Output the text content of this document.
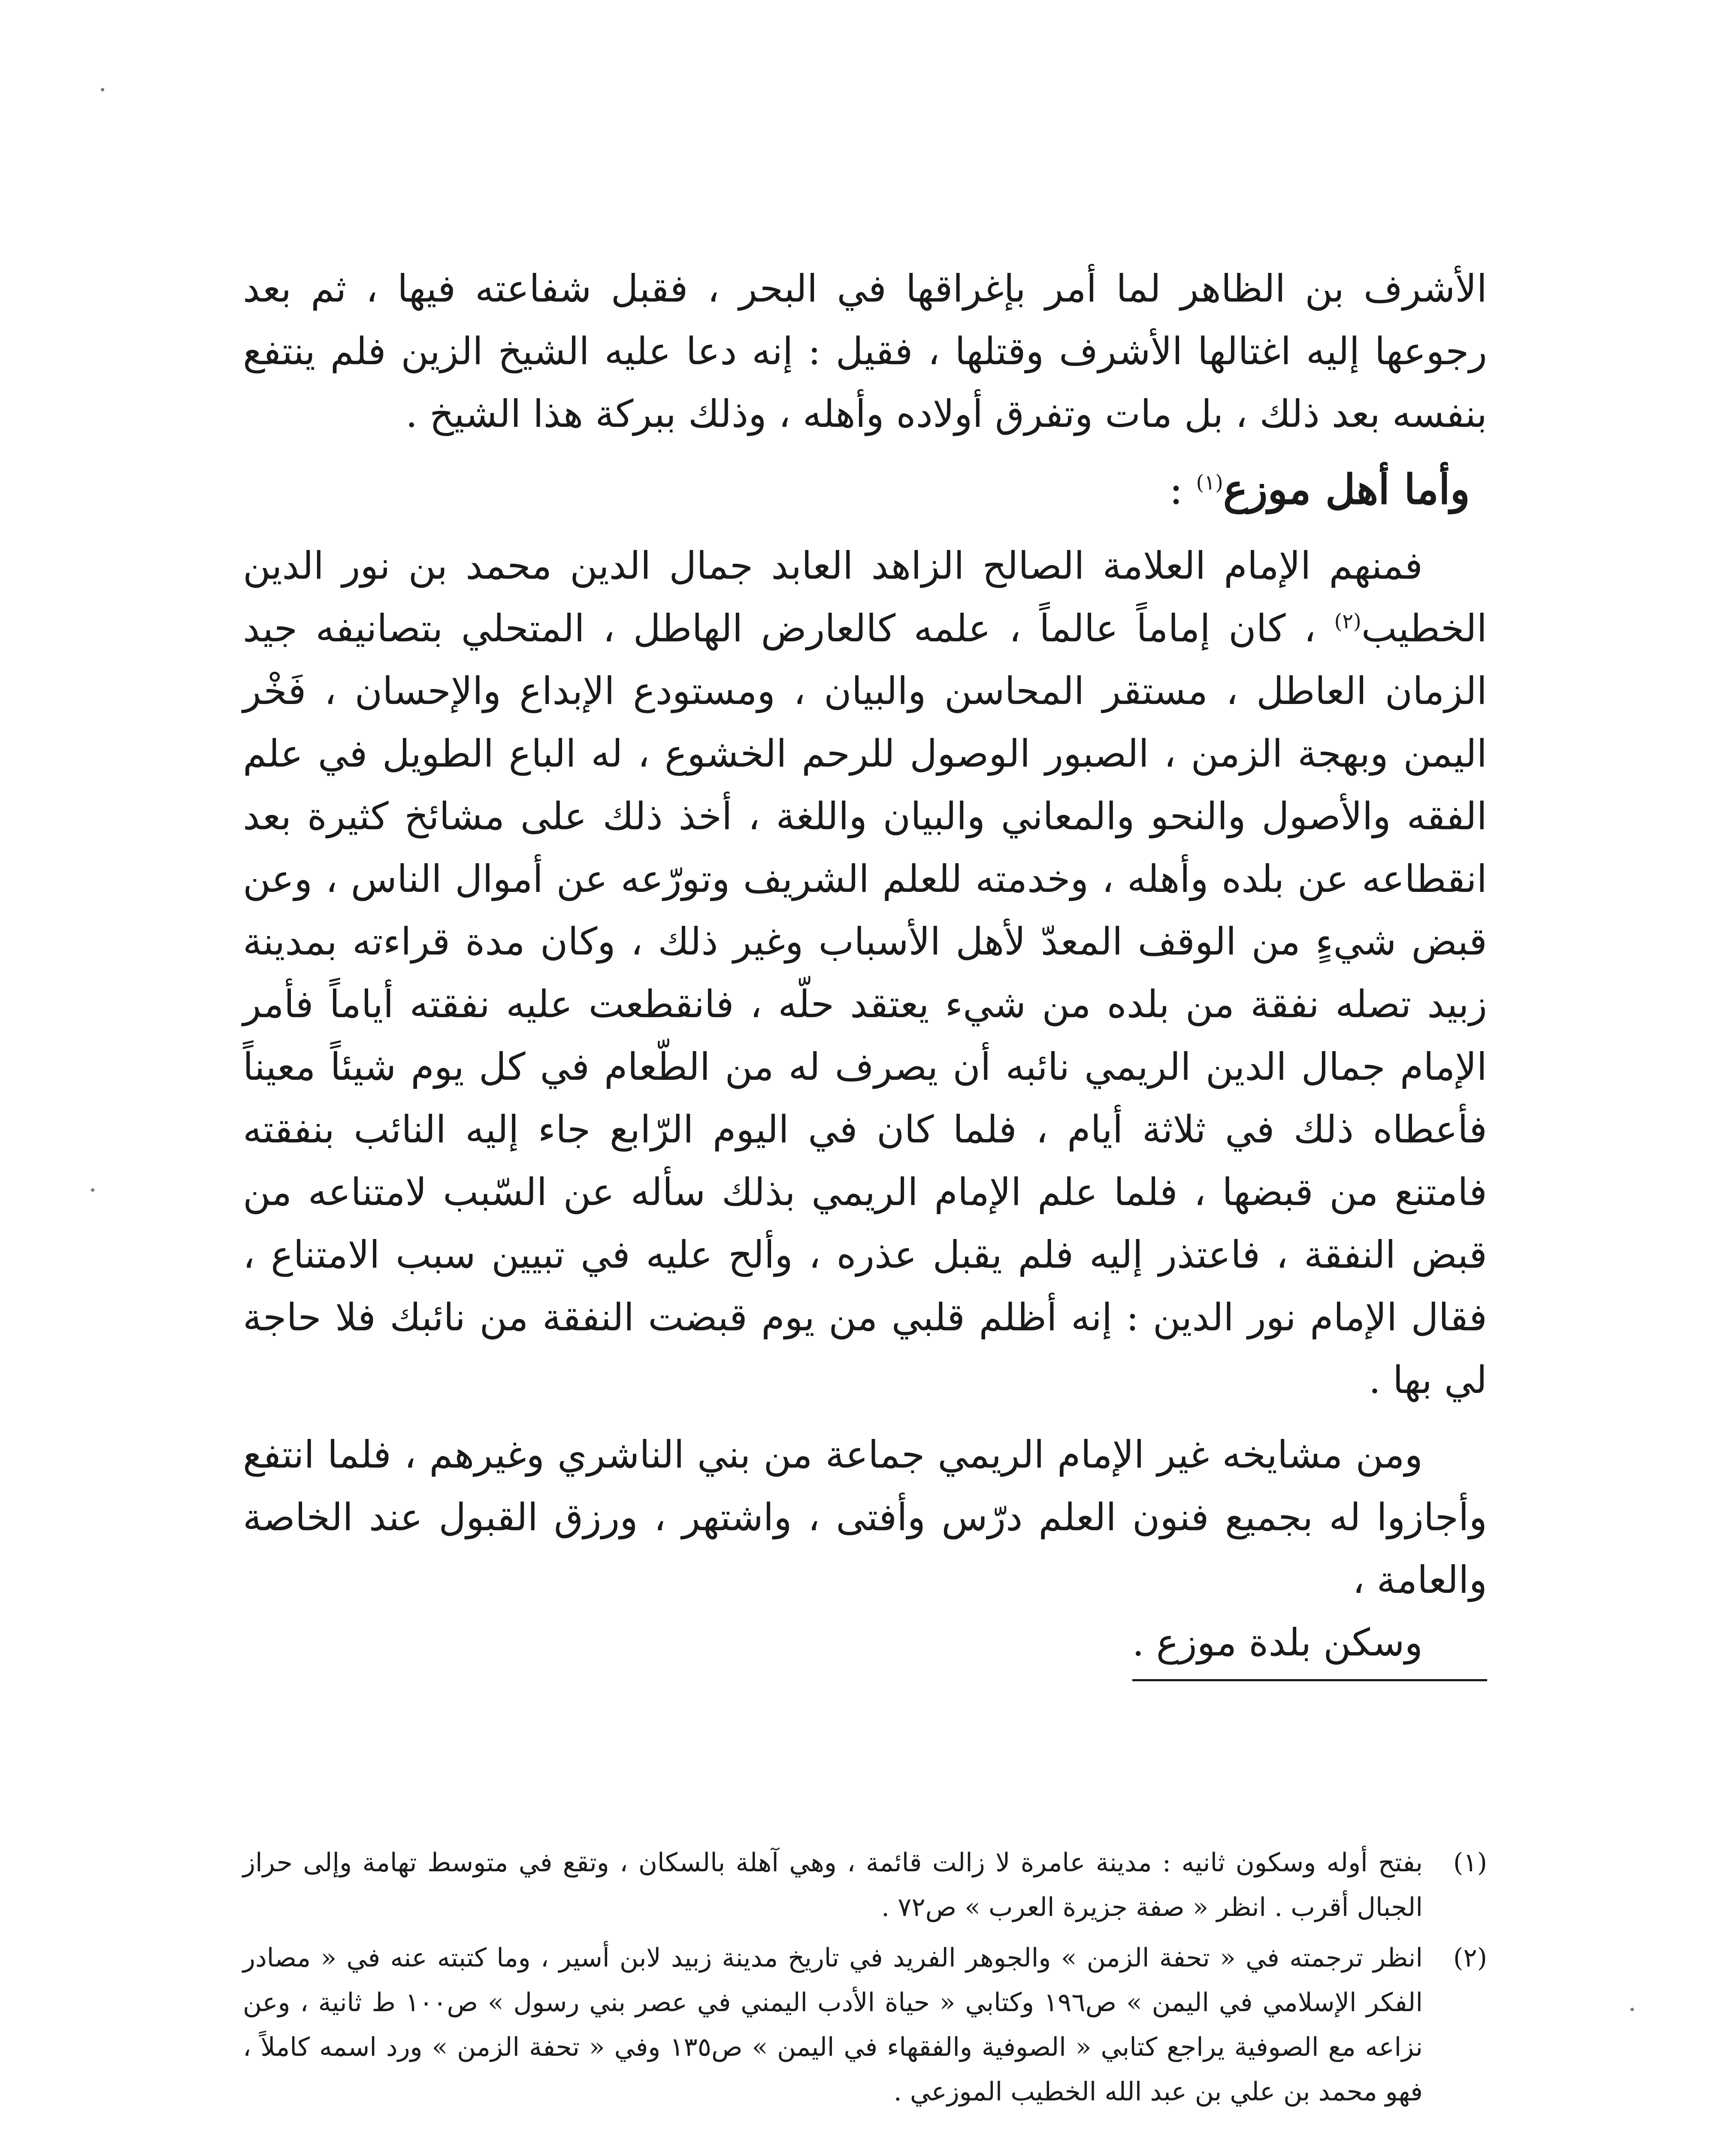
الأشرف بن الظاهر لما أمر بإغراقها في البحر ، فقبل شفاعته فيها ، ثم بعد رجوعها إليه اغتالها الأشرف وقتلها ، فقيل : إنه دعا عليه الشيخ الزين فلم ينتفع بنفسه بعد ذلك ، بل مات وتفرق أولاده وأهله ، وذلك ببركة هذا الشيخ .

وأما أهل موزع$^{(١)}$ :

فمنهم الإمام العلامة الصالح الزاهد العابد جمال الدين محمد بن نور الدين الخطيب$^{(٢)}$ ، كان إماماً عالماً ، علمه كالعارض الهاطل ، المتحلي بتصانيفه جيد الزمان العاطل ، مستقر المحاسن والبيان ، ومستودع الإبداع والإحسان ، فَخْر اليمن وبهجة الزمن ، الصبور الوصول للرحم الخشوع ، له الباع الطويل في علم الفقه والأصول والنحو والمعاني والبيان واللغة ، أخذ ذلك على مشائخ كثيرة بعد انقطاعه عن بلده وأهله ، وخدمته للعلم الشريف وتورّعه عن أموال الناس ، وعن قبض شيءٍ من الوقف المعدّ لأهل الأسباب وغير ذلك ، وكان مدة قراءته بمدينة زبيد تصله نفقة من بلده من شيء يعتقد حلّه ، فانقطعت عليه نفقته أياماً فأمر الإمام جمال الدين الريمي نائبه أن يصرف له من الطّعام في كل يوم شيئاً معيناً فأعطاه ذلك في ثلاثة أيام ، فلما كان في اليوم الرّابع جاء إليه النائب بنفقته فامتنع من قبضها ، فلما علم الإمام الريمي بذلك سأله عن السّبب لامتناعه من قبض النفقة ، فاعتذر إليه فلم يقبل عذره ، وألح عليه في تبيين سبب الامتناع ، فقال الإمام نور الدين : إنه أظلم قلبي من يوم قبضت النفقة من نائبك فلا حاجة لي بها .

ومن مشايخه غير الإمام الريمي جماعة من بني الناشري وغيرهم ، فلما انتفع وأجازوا له بجميع فنون العلم درّس وأفتى ، واشتهر ، ورزق القبول عند الخاصة والعامة ،
وسكن بلدة موزع .

(١)
بفتح أوله وسكون ثانيه : مدينة عامرة لا زالت قائمة ، وهي آهلة بالسكان ، وتقع في متوسط تهامة وإلى حراز الجبال أقرب . انظر « صفة جزيرة العرب » ص٧٢ .
(٢)
انظر ترجمته في « تحفة الزمن » والجوهر الفريد في تاريخ مدينة زبيد لابن أسير ، وما كتبته عنه في « مصادر الفكر الإسلامي في اليمن » ص١٩٦ وكتابي « حياة الأدب اليمني في عصر بني رسول » ص١٠٠ ط ثانية ، وعن نزاعه مع الصوفية يراجع كتابي « الصوفية والفقهاء في اليمن » ص١٣٥ وفي « تحفة الزمن » ورد اسمه كاملاً ، فهو محمد بن علي بن عبد الله الخطيب الموزعي .
